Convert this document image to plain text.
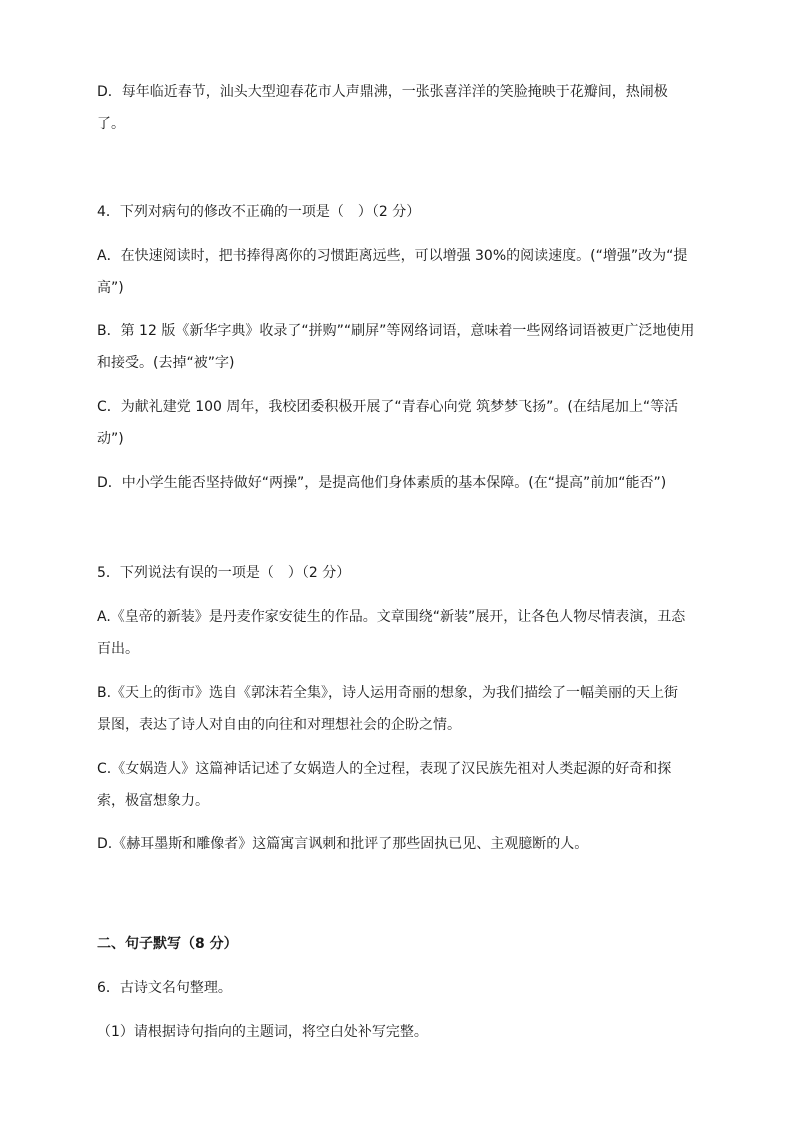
D．每年临近春节，汕头大型迎春花市人声鼎沸，一张张喜洋洋的笑脸掩映于花瓣间，热闹极
了。
4．下列对病句的修改不正确的一项是（　）（2 分）
A．在快速阅读时，把书捧得离你的习惯距离远些，可以增强 30%的阅读速度。(“增强”改为“提
高”)
B．第 12 版《新华字典》收录了“拼购”“刷屏”等网络词语，意味着一些网络词语被更广泛地使用
和接受。(去掉“被”字)
C．为献礼建党 100 周年，我校团委积极开展了“青春心向党 筑梦梦飞扬”。(在结尾加上“等活
动”)
D．中小学生能否坚持做好“两操”，是提高他们身体素质的基本保障。(在“提高”前加“能否”)
5．下列说法有误的一项是（　）（2 分）
A.《皇帝的新装》是丹麦作家安徒生的作品。文章围绕“新装”展开，让各色人物尽情表演，丑态
百出。
B.《天上的街市》选自《郭沫若全集》，诗人运用奇丽的想象，为我们描绘了一幅美丽的天上街
景图，表达了诗人对自由的向往和对理想社会的企盼之情。
C.《女娲造人》这篇神话记述了女娲造人的全过程，表现了汉民族先祖对人类起源的好奇和探
索，极富想象力。
D.《赫耳墨斯和雕像者》这篇寓言讽刺和批评了那些固执已见、主观臆断的人。
二、句子默写（8 分）
6．古诗文名句整理。
（1）请根据诗句指向的主题词，将空白处补写完整。
